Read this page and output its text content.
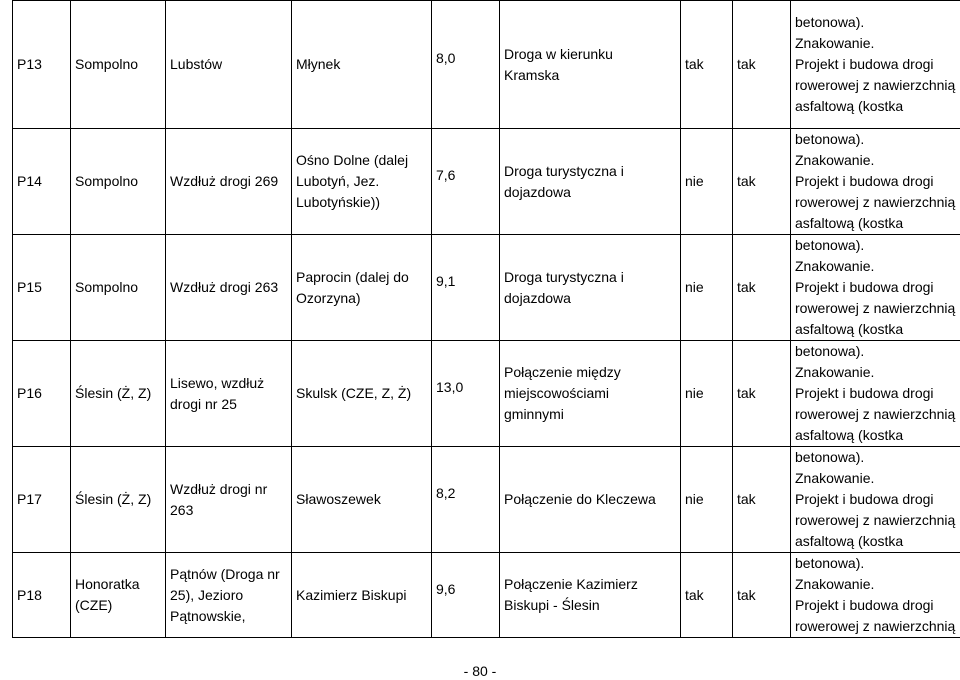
P13	Sompolno	Lubstów	Młynek	8,0	Droga w kierunku
Kramska	tak	tak	betonowa).
Znakowanie.
Projekt i budowa drogi
rowerowej z nawierzchnią
asfaltową (kostka

P14	Sompolno	Wzdłuż drogi 269	Ośno Dolne (dalej
Lubotyń, Jez.
Lubotyńskie))	7,6	Droga turystyczna i
dojazdowa	nie	tak	betonowa).
Znakowanie.
Projekt i budowa drogi
rowerowej z nawierzchnią
asfaltową (kostka

P15	Sompolno	Wzdłuż drogi 263	Paprocin (dalej do
Ozorzyna)	9,1	Droga turystyczna i
dojazdowa	nie	tak	betonowa).
Znakowanie.
Projekt i budowa drogi
rowerowej z nawierzchnią
asfaltową (kostka

P16	Ślesin (Ż, Z)	Lisewo, wzdłuż
drogi nr 25	Skulsk (CZE, Z, Ż)	13,0	Połączenie między
miejscowościami
gminnymi	nie	tak	betonowa).
Znakowanie.
Projekt i budowa drogi
rowerowej z nawierzchnią
asfaltową (kostka

P17	Ślesin (Ż, Z)	Wzdłuż drogi nr
263	Sławoszewek	8,2	Połączenie do Kleczewa	nie	tak	betonowa).
Znakowanie.
Projekt i budowa drogi
rowerowej z nawierzchnią
asfaltową (kostka

P18	Honoratka
(CZE)	Pątnów (Droga nr
25), Jezioro
Pątnowskie,	Kazimierz Biskupi	9,6	Połączenie Kazimierz
Biskupi - Ślesin	tak	tak	betonowa).
Znakowanie.
Projekt i budowa drogi
rowerowej z nawierzchnią
- 80 -
